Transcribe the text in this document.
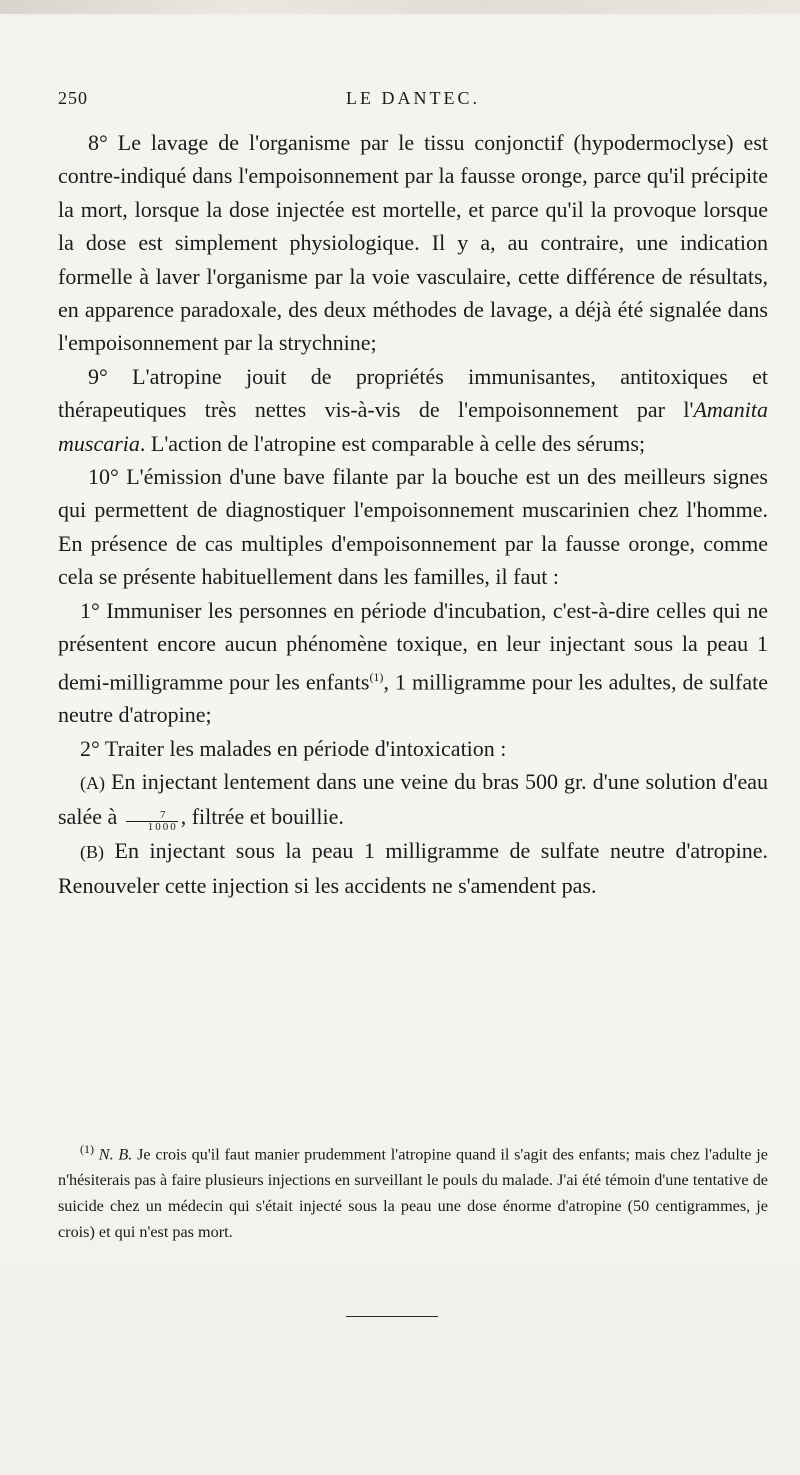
250	LE DANTEC.

8° Le lavage de l'organisme par le tissu conjonctif (hypodermoclyse) est contre-indiqué dans l'empoisonnement par la fausse oronge, parce qu'il précipite la mort, lorsque la dose injectée est mortelle, et parce qu'il la provoque lorsque la dose est simplement physiologique. Il y a, au contraire, une indication formelle à laver l'organisme par la voie vasculaire, cette différence de résultats, en apparence paradoxale, des deux méthodes de lavage, a déjà été signalée dans l'empoisonnement par la strychnine;

9° L'atropine jouit de propriétés immunisantes, antitoxiques et thérapeutiques très nettes vis-à-vis de l'empoisonnement par l'Amanita muscaria. L'action de l'atropine est comparable à celle des sérums;

10° L'émission d'une bave filante par la bouche est un des meilleurs signes qui permettent de diagnostiquer l'empoisonnement muscarinien chez l'homme. En présence de cas multiples d'empoisonnement par la fausse oronge, comme cela se présente habituellement dans les familles, il faut :

1° Immuniser les personnes en période d'incubation, c'est-à-dire celles qui ne présentent encore aucun phénomène toxique, en leur injectant sous la peau 1 demi-milligramme pour les enfants$^{(1)}$, 1 milligramme pour les adultes, de sulfate neutre d'atropine;

2° Traiter les malades en période d'intoxication :

(A) En injectant lentement dans une veine du bras 500 gr. d'une solution d'eau salée à $\frac{7}{1000}$ , filtrée et bouillie.

(B) En injectant sous la peau 1 milligramme de sulfate neutre d'atropine. Renouveler cette injection si les accidents ne s'amendent pas.

$^{(1)}$ N. B. Je crois qu'il faut manier prudemment l'atropine quand il s'agit des enfants; mais chez l'adulte je n'hésiterais pas à faire plusieurs injections en surveillant le pouls du malade. J'ai été témoin d'une tentative de suicide chez un médecin qui s'était injecté sous la peau une dose énorme d'atropine (50 centigrammes, je crois) et qui n'est pas mort.
